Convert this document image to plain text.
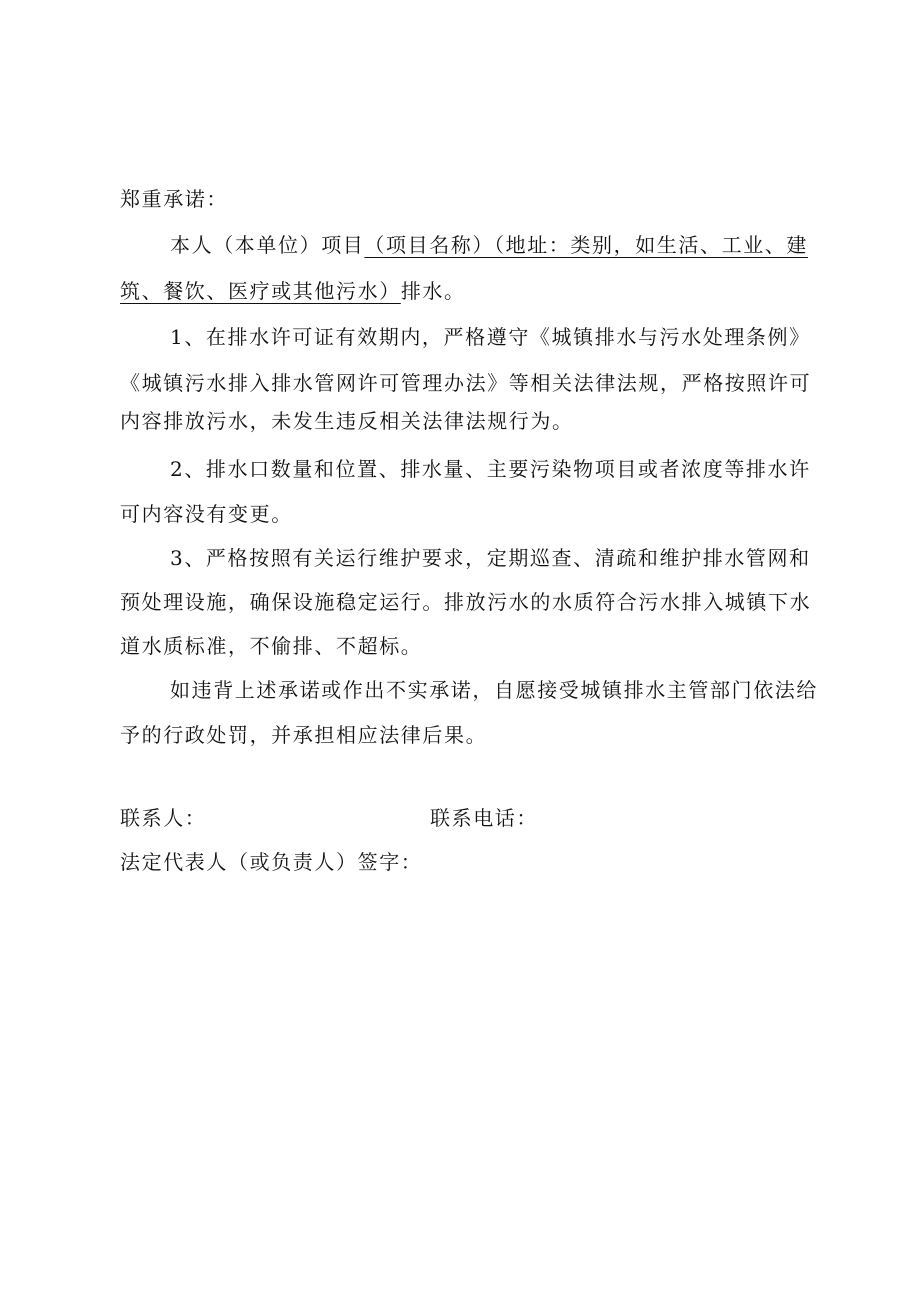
郑重承诺：
本人（本单位）项目（项目名称）（地址：类别，如生活、工业、建
筑、餐饮、医疗或其他污水）排水。
1、在排水许可证有效期内，严格遵守《城镇排水与污水处理条例》
《城镇污水排入排水管网许可管理办法》等相关法律法规，严格按照许可
内容排放污水，未发生违反相关法律法规行为。
2、排水口数量和位置、排水量、主要污染物项目或者浓度等排水许
可内容没有变更。
3、严格按照有关运行维护要求，定期巡查、清疏和维护排水管网和
预处理设施，确保设施稳定运行。排放污水的水质符合污水排入城镇下水
道水质标准，不偷排、不超标。
如违背上述承诺或作出不实承诺，自愿接受城镇排水主管部门依法给
予的行政处罚，并承担相应法律后果。
联系人：	联系电话：
法定代表人（或负责人）签字：
